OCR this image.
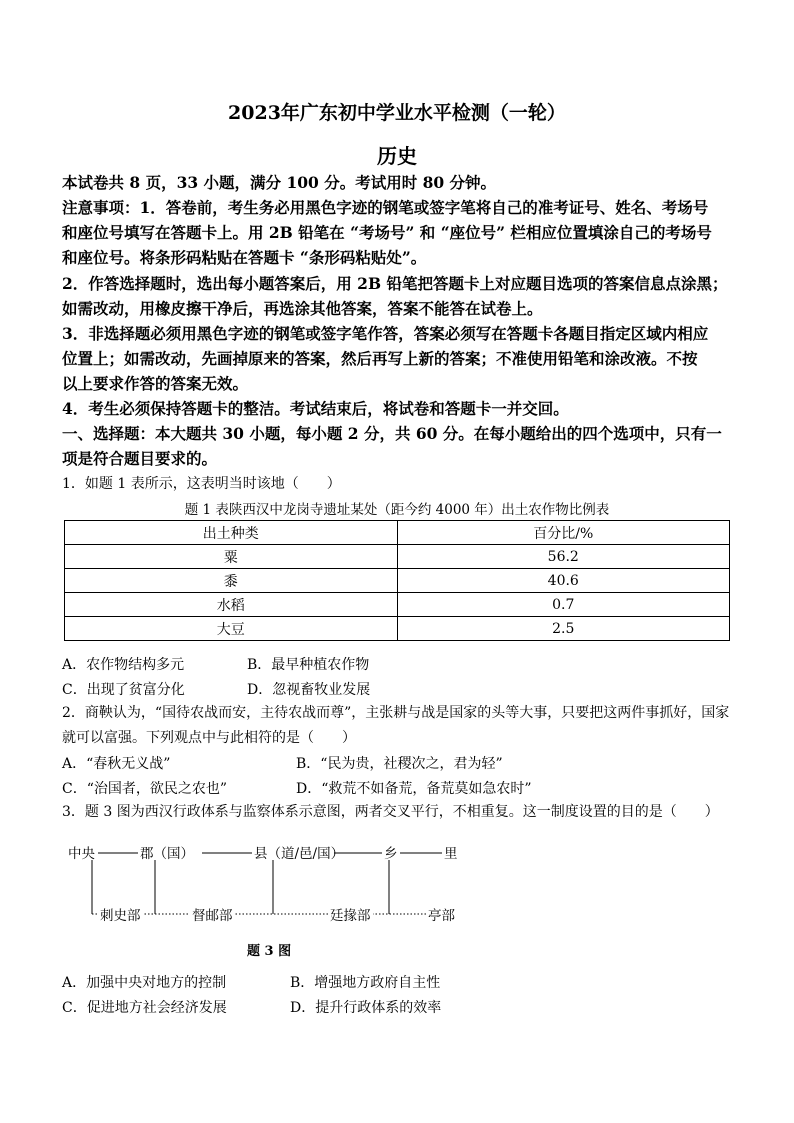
2023年广东初中学业水平检测（一轮）
历史
本试卷共 8 页，33 小题，满分 100 分。考试用时 80 分钟。
注意事项：1．答卷前，考生务必用黑色字迹的钢笔或签字笔将自己的准考证号、姓名、考场号
和座位号填写在答题卡上。用 2B 铅笔在 “考场号” 和 “座位号” 栏相应位置填涂自己的考场号
和座位号。将条形码粘贴在答题卡 “条形码粘贴处”。
2．作答选择题时，选出每小题答案后，用 2B 铅笔把答题卡上对应题目选项的答案信息点涂黑；
如需改动，用橡皮擦干净后，再选涂其他答案，答案不能答在试卷上。
3．非选择题必须用黑色字迹的钢笔或签字笔作答，答案必须写在答题卡各题目指定区域内相应
位置上；如需改动，先画掉原来的答案，然后再写上新的答案；不准使用铅笔和涂改液。不按
以上要求作答的答案无效。
4．考生必须保持答题卡的整洁。考试结束后，将试卷和答题卡一并交回。
一、选择题：本大题共 30 小题，每小题 2 分，共 60 分。在每小题给出的四个选项中，只有一
项是符合题目要求的。
1．如题 1 表所示，这表明当时该地（　　）
题 1 表陕西汉中龙岗寺遗址某处（距今约 4000 年）出土农作物比例表
出土种类	百分比/%
粟	56.2
黍	40.6
水稻	0.7
大豆	2.5
A．农作物结构多元	B．最早种植农作物
C．出现了贫富分化	D．忽视畜牧业发展
2．商鞅认为，“国待农战而安，主待农战而尊”，主张耕与战是国家的头等大事，只要把这两件事抓好，国家
就可以富强。下列观点中与此相符的是（　　）
A．“春秋无义战”	B．“民为贵，社稷次之，君为轻”
C．“治国者，欲民之农也”	D．“救荒不如备荒，备荒莫如急农时”
3．题 3 图为西汉行政体系与监察体系示意图，两者交叉平行，不相重复。这一制度设置的目的是（　　）
中央	郡（国）	县（道/邑/国）	乡	里
刺史部	督邮部	廷掾部	亭部
题 3 图
A．加强中央对地方的控制	B．增强地方政府自主性
C．促进地方社会经济发展	D．提升行政体系的效率
